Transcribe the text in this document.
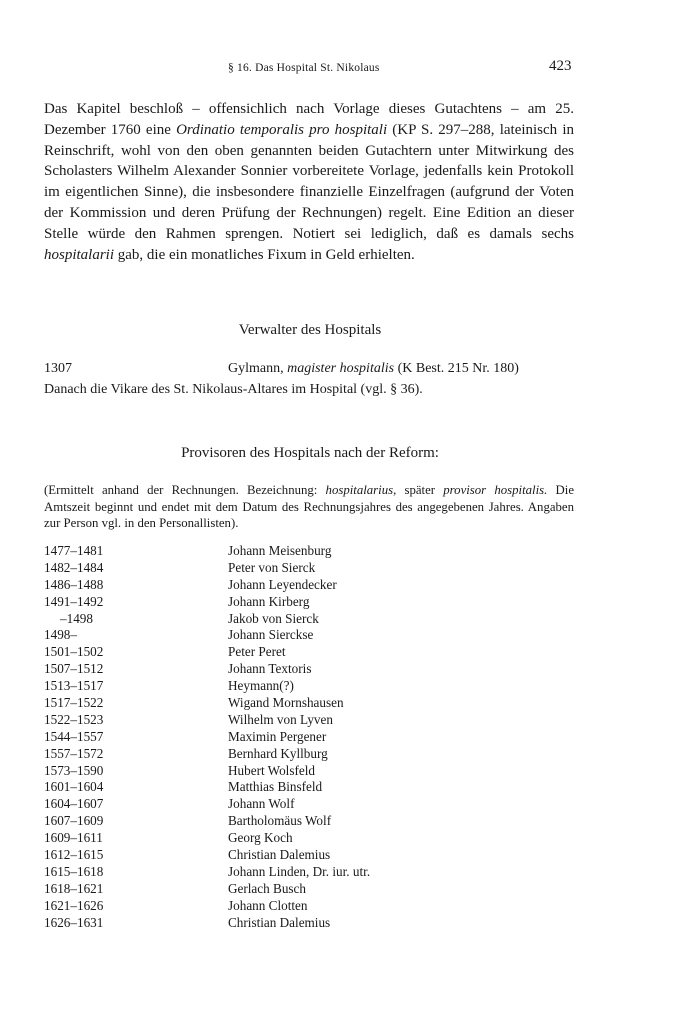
§ 16. Das Hospital St. Nikolaus	423

Das Kapitel beschloß – offensichlich nach Vorlage dieses Gutachtens – am 25. Dezember 1760 eine Ordinatio temporalis pro hospitali (KP S. 297–288, lateinisch in Reinschrift, wohl von den oben genannten beiden Gutachtern unter Mitwirkung des Scholasters Wilhelm Alexander Sonnier vorbereitete Vorlage, jedenfalls kein Protokoll im eigentlichen Sinne), die insbesondere finanzielle Einzelfragen (aufgrund der Voten der Kommission und deren Prüfung der Rechnungen) regelt. Eine Edition an dieser Stelle würde den Rahmen sprengen. Notiert sei lediglich, daß es damals sechs hospitalarii gab, die ein monatliches Fixum in Geld erhielten.

Verwalter des Hospitals
1307	Gylmann, magister hospitalis (K Best. 215 Nr. 180)
Danach die Vikare des St. Nikolaus-Altares im Hospital (vgl. § 36).
Provisoren des Hospitals nach der Reform:

(Ermittelt anhand der Rechnungen. Bezeichnung: hospitalarius, später provisor hospitalis. Die Amtszeit beginnt und endet mit dem Datum des Rechnungsjahres des angegebenen Jahres. Angaben zur Person vgl. in den Personallisten).

1477–1481	Johann Meisenburg
1482–1484	Peter von Sierck
1486–1488	Johann Leyendecker
1491–1492	Johann Kirberg
–1498	Jakob von Sierck
1498–	Johann Sierckse
1501–1502	Peter Peret
1507–1512	Johann Textoris
1513–1517	Heymann(?)
1517–1522	Wigand Mornshausen
1522–1523	Wilhelm von Lyven
1544–1557	Maximin Pergener
1557–1572	Bernhard Kyllburg
1573–1590	Hubert Wolsfeld
1601–1604	Matthias Binsfeld
1604–1607	Johann Wolf
1607–1609	Bartholomäus Wolf
1609–1611	Georg Koch
1612–1615	Christian Dalemius
1615–1618	Johann Linden, Dr. iur. utr.
1618–1621	Gerlach Busch
1621–1626	Johann Clotten
1626–1631	Christian Dalemius
